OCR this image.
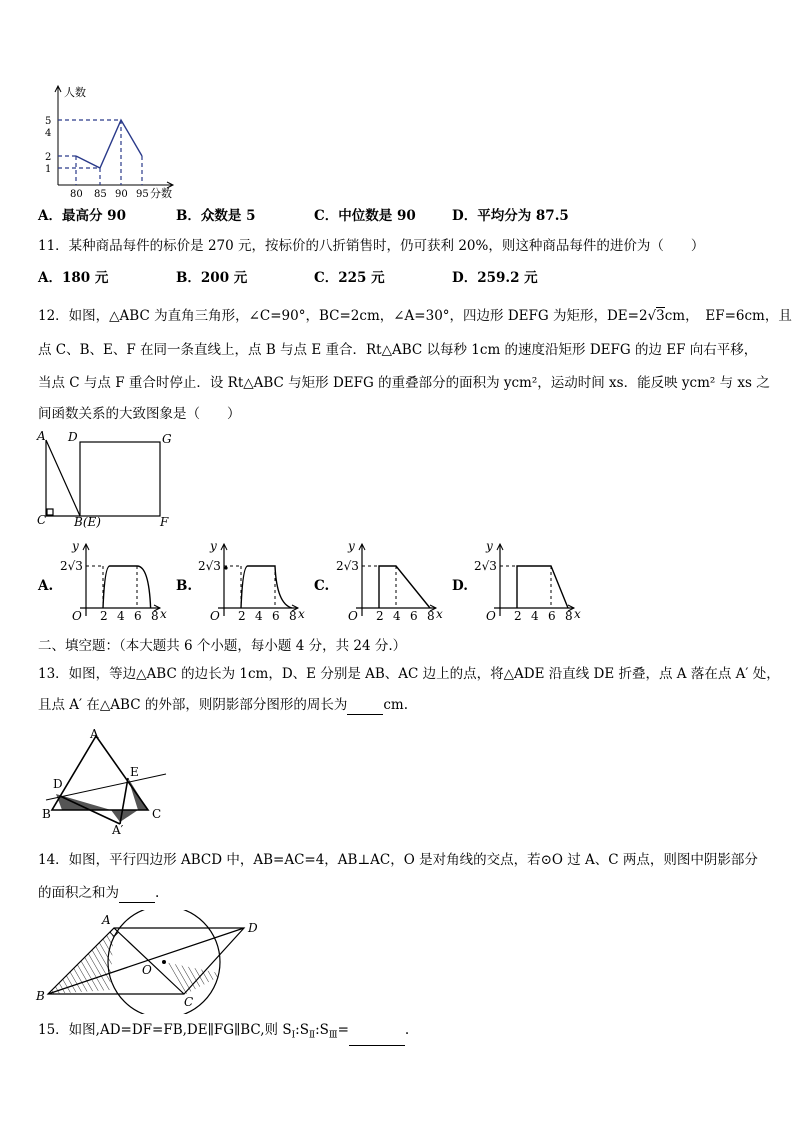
人数
分数
5
4
2
1
80 85 90 95
A．最高分 90	B．众数是 5	C．中位数是 90	D．平均分为 87.5
11．某种商品每件的标价是 270 元，按标价的八折销售时，仍可获利 20%，则这种商品每件的进价为（　　）
A．180 元	B．200 元	C．225 元	D．259.2 元
12．如图，△ABC 为直角三角形，∠C=90°，BC=2cm，∠A=30°，四边形 DEFG 为矩形，DE=2√3cm，　EF=6cm，且
点 C、B、E、F 在同一条直线上，点 B 与点 E 重合．Rt△ABC 以每秒 1cm 的速度沿矩形 DEFG 的边 EF 向右平移，
当点 C 与点 F 重合时停止．设 Rt△ABC 与矩形 DEFG 的重叠部分的面积为 ycm²，运动时间 xs．能反映 ycm² 与 xs 之
间函数关系的大致图象是（　　）
A D	G
C B(E)	F
A.	B.	C.	D.
y
x
O 2 4 6 8
2√3
y
x
O 2 4 6 8
2√3
y
x
O 2 4 6 8
2√3
y
x
O 2 4 6 8
2√3
二、填空题：（本大题共 6 个小题，每小题 4 分，共 24 分.）
13．如图，等边△ABC 的边长为 1cm，D、E 分别是 AB、AC 边上的点，将△ADE 沿直线 DE 折叠，点 A 落在点 A′ 处，
且点 A′ 在△ABC 的外部，则阴影部分图形的周长为	cm.
A
D
E
B	C
A′
14．如图，平行四边形 ABCD 中，AB=AC=4，AB⊥AC，O 是对角线的交点，若⊙O 过 A、C 两点，则图中阴影部分
的面积之和为	.
A
D
B	C
O
15．如图,AD=DF=FB,DE∥FG∥BC,则 $S_Ⅰ:S_Ⅱ:S_Ⅲ=$	.
